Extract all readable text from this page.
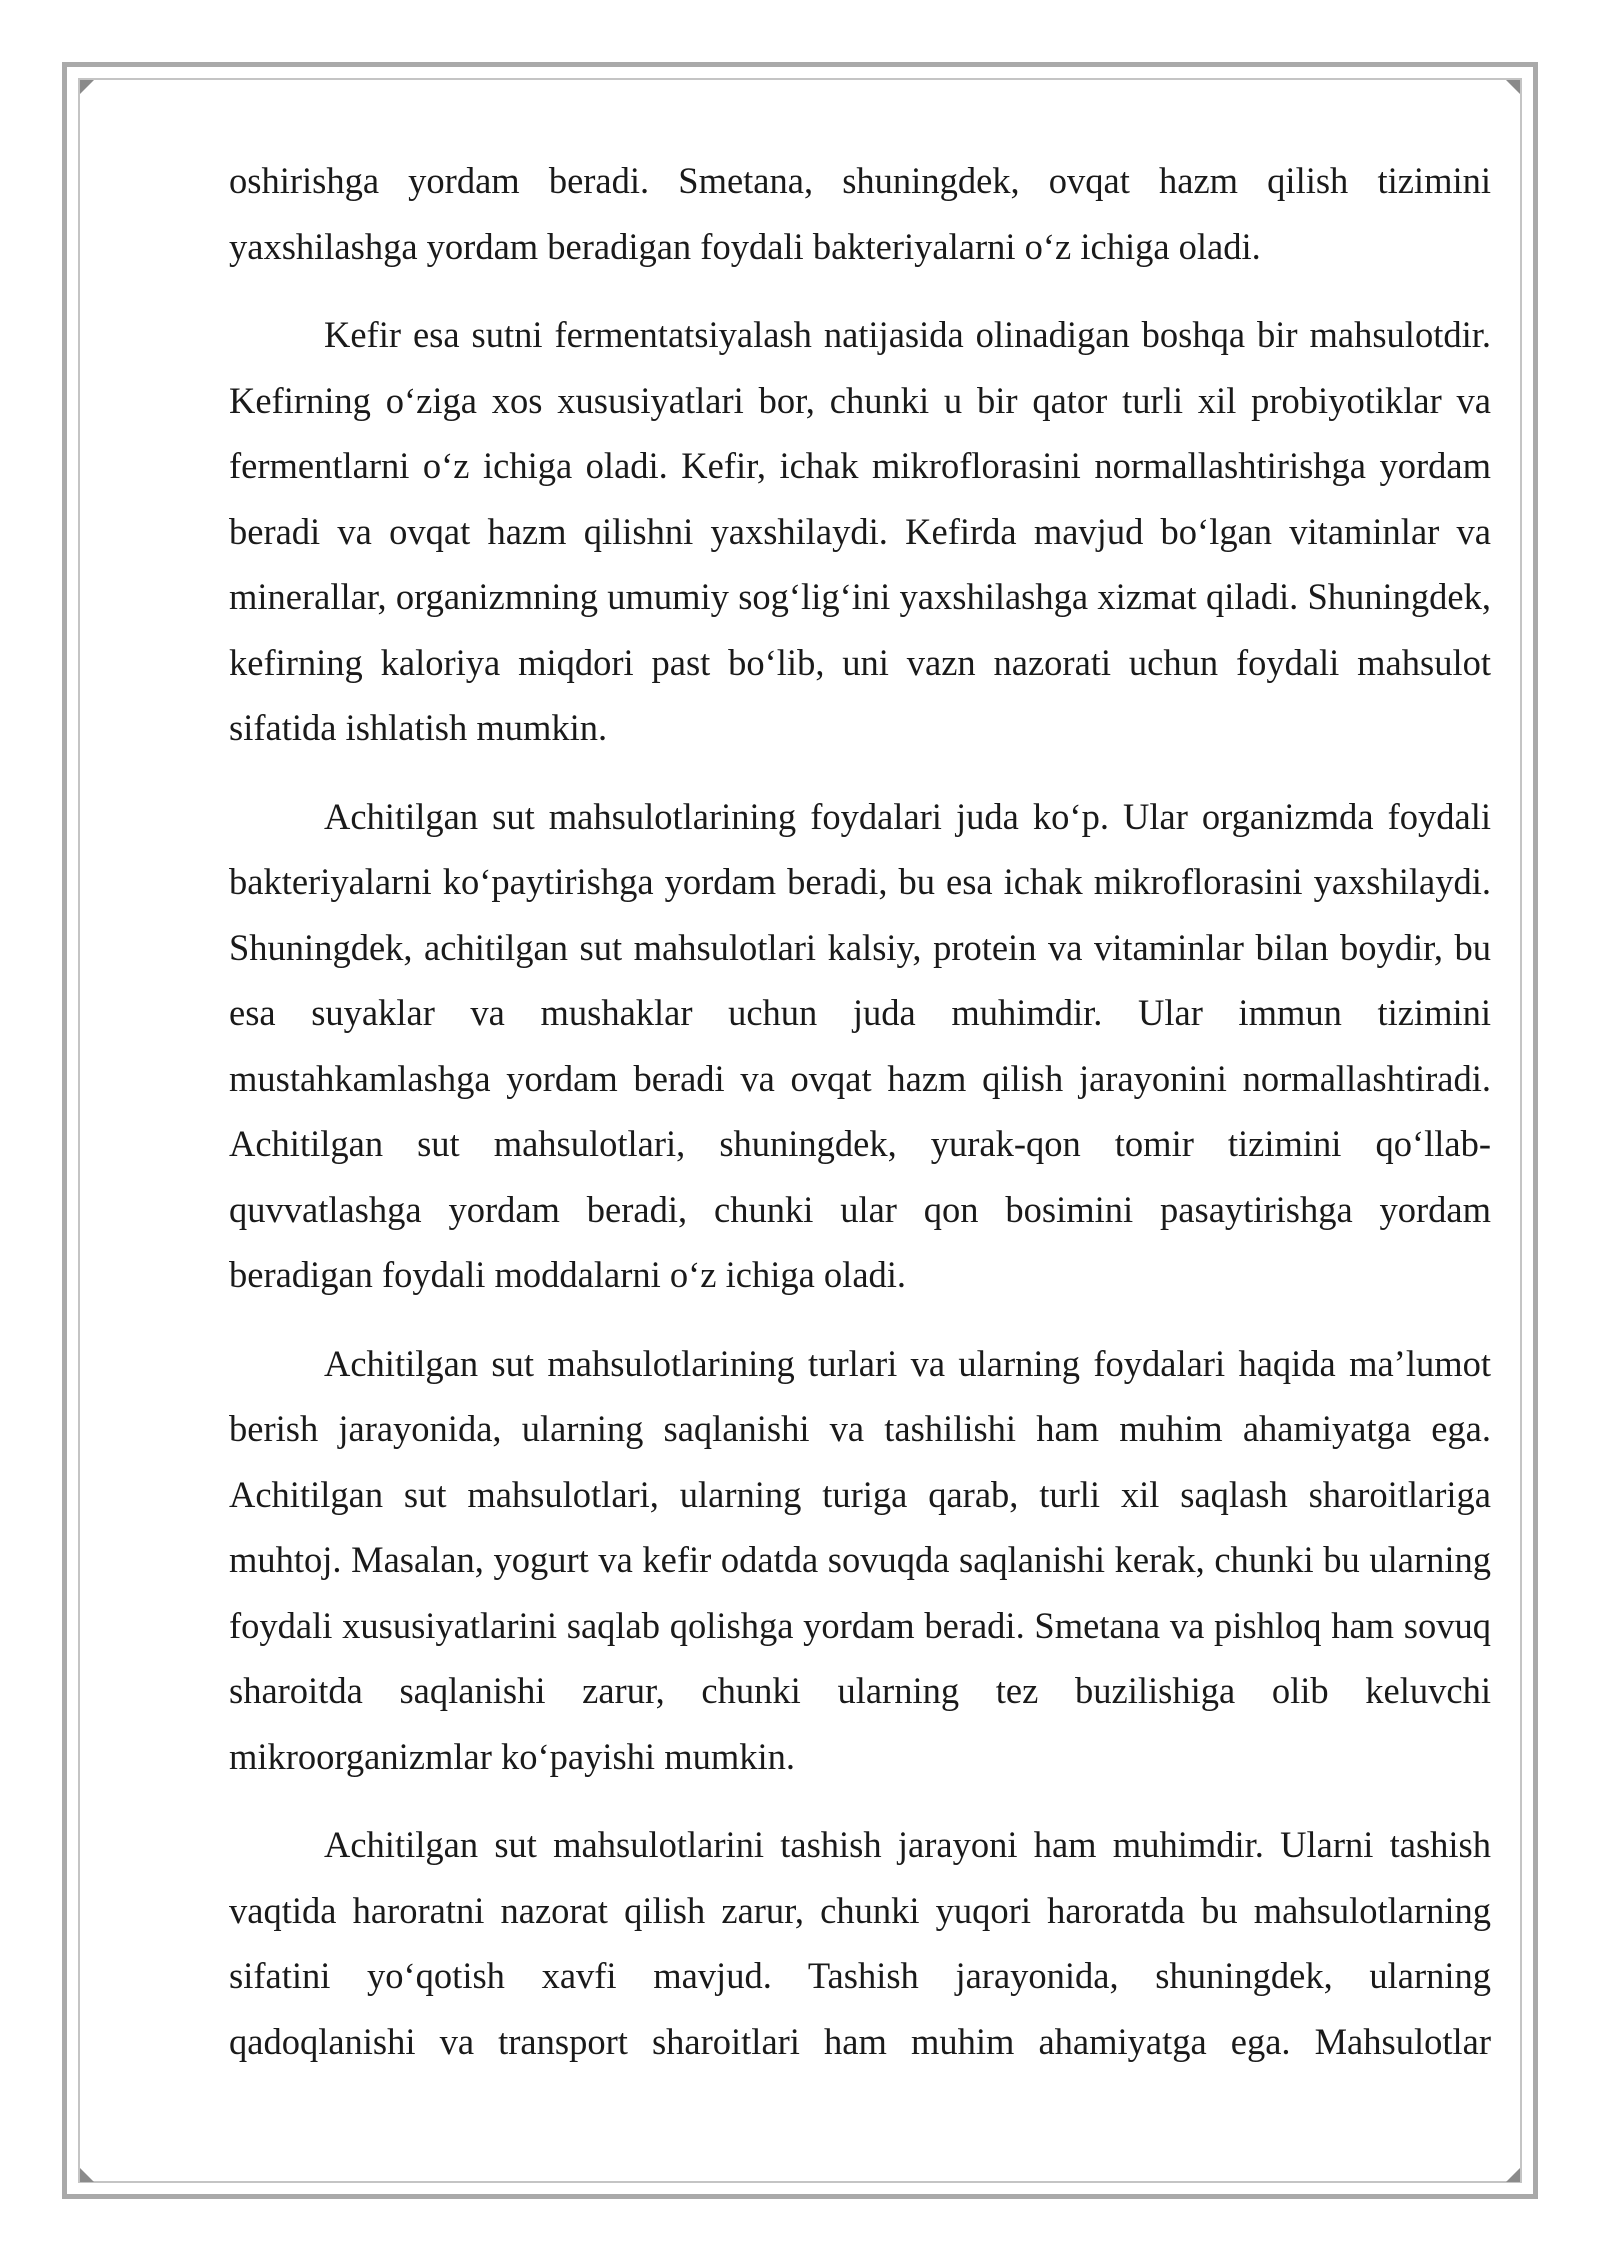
oshirishga yordam beradi. Smetana, shuningdek, ovqat hazm qilish tizimini yaxshilashga yordam beradigan foydali bakteriyalarni o‘z ichiga oladi.

Kefir esa sutni fermentatsiyalash natijasida olinadigan boshqa bir mahsulotdir. Kefirning o‘ziga xos xususiyatlari bor, chunki u bir qator turli xil probiyotiklar va fermentlarni o‘z ichiga oladi. Kefir, ichak mikroflorasini normallashtirishga yordam beradi va ovqat hazm qilishni yaxshilaydi. Kefirda mavjud bo‘lgan vitaminlar va minerallar, organizmning umumiy sog‘lig‘ini yaxshilashga xizmat qiladi. Shuningdek, kefirning kaloriya miqdori past bo‘lib, uni vazn nazorati uchun foydali mahsulot sifatida ishlatish mumkin.

Achitilgan sut mahsulotlarining foydalari juda ko‘p. Ular organizmda foydali bakteriyalarni ko‘paytirishga yordam beradi, bu esa ichak mikroflorasini yaxshilaydi. Shuningdek, achitilgan sut mahsulotlari kalsiy, protein va vitaminlar bilan boydir, bu esa suyaklar va mushaklar uchun juda muhimdir. Ular immun tizimini mustahkamlashga yordam beradi va ovqat hazm qilish jarayonini normallashtiradi. Achitilgan sut mahsulotlari, shuningdek, yurak-qon tomir tizimini qo‘llab-quvvatlashga yordam beradi, chunki ular qon bosimini pasaytirishga yordam beradigan foydali moddalarni o‘z ichiga oladi.

Achitilgan sut mahsulotlarining turlari va ularning foydalari haqida ma’lumot berish jarayonida, ularning saqlanishi va tashilishi ham muhim ahamiyatga ega. Achitilgan sut mahsulotlari, ularning turiga qarab, turli xil saqlash sharoitlariga muhtoj. Masalan, yogurt va kefir odatda sovuqda saqlanishi kerak, chunki bu ularning foydali xususiyatlarini saqlab qolishga yordam beradi. Smetana va pishloq ham sovuq sharoitda saqlanishi zarur, chunki ularning tez buzilishiga olib keluvchi mikroorganizmlar ko‘payishi mumkin.

Achitilgan sut mahsulotlarini tashish jarayoni ham muhimdir. Ularni tashish vaqtida haroratni nazorat qilish zarur, chunki yuqori haroratda bu mahsulotlarning sifatini yo‘qotish xavfi mavjud. Tashish jarayonida, shuningdek, ularning qadoqlanishi va transport sharoitlari ham muhim ahamiyatga ega. Mahsulotlar
